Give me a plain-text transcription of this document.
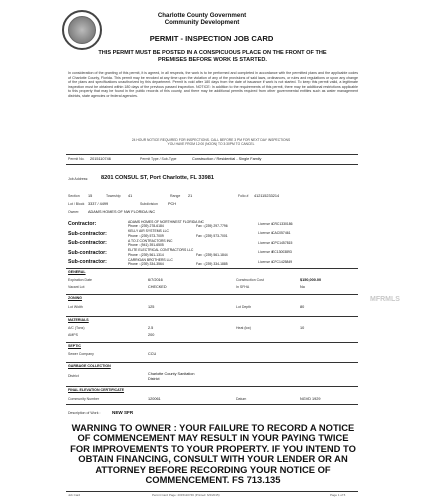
Charlotte County Government
Community Development
PERMIT - INSPECTION JOB CARD
THIS PERMIT MUST BE POSTED IN A CONSPICUOUS PLACE ON THE FRONT OF THE
PREMISES BEFORE WORK IS STARTED.
In consideration of the granting of this permit, it is agreed, in all respects, the work is to be performed and completed in accordance with the permitted plans and the applicable codes of Charlotte County, Florida. This permit may be revoked at any time upon the violation of any of the provisions of said laws, ordinances, or rules and regulations or upon any change of the plans and specifications unauthorized by this department. Permit is void after 180 days from the date of issuance if work is not started. To keep this permit valid, a legitimate inspection must be obtained within 180 days of the previous passed inspection. NOTICE: In addition to the requirements of this permit, there may be additional restrictions applicable to this property that may be found in the public records of this county, and there may be additional permits required from other governmental entities such as water management districts, state agencies or federal agencies.
24 HOUR NOTICE REQUIRED FOR INSPECTIONS. CALL BEFORE 3 PM FOR NEXT DAY INSPECTIONS
YOU HAVE FROM 12:00 (NOON) TO 3:30PM TO CANCEL
Permit No. 2015110746	Permit Type / Sub-Type	Construction / Residential - Single Family
Job Address: 8201 CONSUL ST, Port Charlotte, FL 33981
Section 15	Township 41	Range 21	Folio # 412115233214
Lot / Block 3337 / 4499	Subdivision	PCH
Owner: ADAMS HOMES OF NW FLORIDA INC
Contractor:	ADAMS HOMES OF NORTHWEST FLORIDA INC
Phone : (239) 278-6184	Fax : (239) 297-7796
License # CRC1330186
Sub-contractor:	KELLY AIR SYSTEMS LLC
Phone : (239) 573-7009	Fax : (239) 573-7001
License # CAC057461
Sub-contractor:	A TO Z CONTRACTORS INC
Phone : (941) 391-6505
License # CPC1457815
Sub-contractor:	ELITE ELECTRICAL CONTRACTORS LLC
Phone : (239) 561-1314	Fax : (239) 561-1844
License # EC13003893
Sub-contractor:	CARRIGAN BROTHERS LLC
Phone : (239) 334-3564	Fax : (239) 334-1885
License # CFC1425849
GENERAL
Expiration Date	6/7/2016	Construction Cost	$150,000.00
Vacant Lot	CHECKED	In SFHA	No
ZONING
Lot Width	125	Lot Depth	80
MATERIALS
A/C (Tons)	2.5	Heat (kw)	10
AMPS	200
SEPTIC
Sewer Company	CCU
GARBAGE COLLECTION
District	Charlotte County Sanitation
District
FINAL ELEVATION CERTIFICATE
Community Number	120061	Datum	NGVD 1929
Description of Work :	NEW SFR
WARNING TO OWNER : YOUR FAILURE TO RECORD A NOTICE OF COMMENCEMENT MAY RESULT IN YOUR PAYING TWICE FOR IMPROVEMENTS TO YOUR PROPERTY. IF YOU INTEND TO OBTAIN FINANCING, CONSULT WITH YOUR LENDER OR AN ATTORNEY BEFORE RECORDING YOUR NOTICE OF COMMENCEMENT. FS 713.135
MFRMLS
Job Card	Permit Card Page: 2015110746 (Printed: 6/2/2015)	Page 1 of 5
